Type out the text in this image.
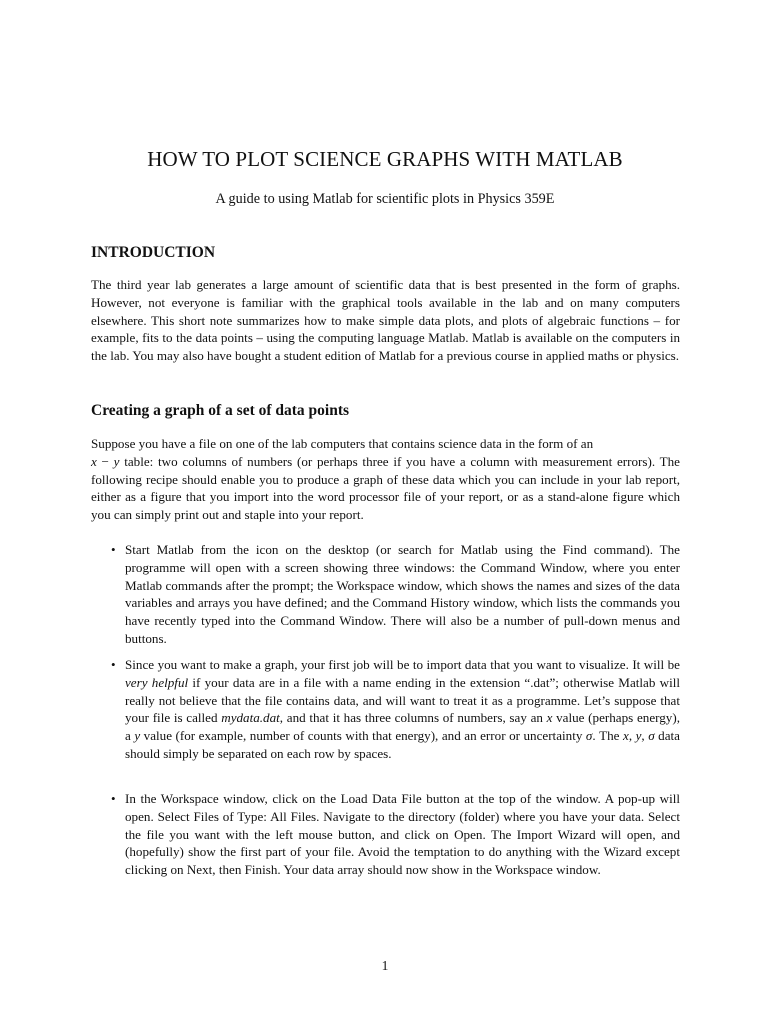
HOW TO PLOT SCIENCE GRAPHS WITH MATLAB
A guide to using Matlab for scientific plots in Physics 359E
INTRODUCTION
The third year lab generates a large amount of scientific data that is best presented in the form of graphs. However, not everyone is familiar with the graphical tools available in the lab and on many computers elsewhere. This short note summarizes how to make simple data plots, and plots of algebraic functions – for example, fits to the data points – using the computing language Matlab. Matlab is available on the computers in the lab. You may also have bought a student edition of Matlab for a previous course in applied maths or physics.
Creating a graph of a set of data points
Suppose you have a file on one of the lab computers that contains science data in the form of an
x − y table: two columns of numbers (or perhaps three if you have a column with measurement errors). The following recipe should enable you to produce a graph of these data which you can include in your lab report, either as a figure that you import into the word processor file of your report, or as a stand-alone figure which you can simply print out and staple into your report.
• Start Matlab from the icon on the desktop (or search for Matlab using the Find command). The programme will open with a screen showing three windows: the Command Window, where you enter Matlab commands after the prompt; the Workspace window, which shows the names and sizes of the data variables and arrays you have defined; and the Command History window, which lists the commands you have recently typed into the Command Window. There will also be a number of pull-down menus and buttons.
• Since you want to make a graph, your first job will be to import data that you want to visualize. It will be very helpful if your data are in a file with a name ending in the extension “.dat”; otherwise Matlab will really not believe that the file contains data, and will want to treat it as a programme. Let’s suppose that your file is called mydata.dat, and that it has three columns of numbers, say an x value (perhaps energy), a y value (for example, number of counts with that energy), and an error or uncertainty σ. The x, y, σ data should simply be separated on each row by spaces.
• In the Workspace window, click on the Load Data File button at the top of the window. A pop-up will open. Select Files of Type: All Files. Navigate to the directory (folder) where you have your data. Select the file you want with the left mouse button, and click on Open. The Import Wizard will open, and (hopefully) show the first part of your file. Avoid the temptation to do anything with the Wizard except clicking on Next, then Finish. Your data array should now show in the Workspace window.
1
